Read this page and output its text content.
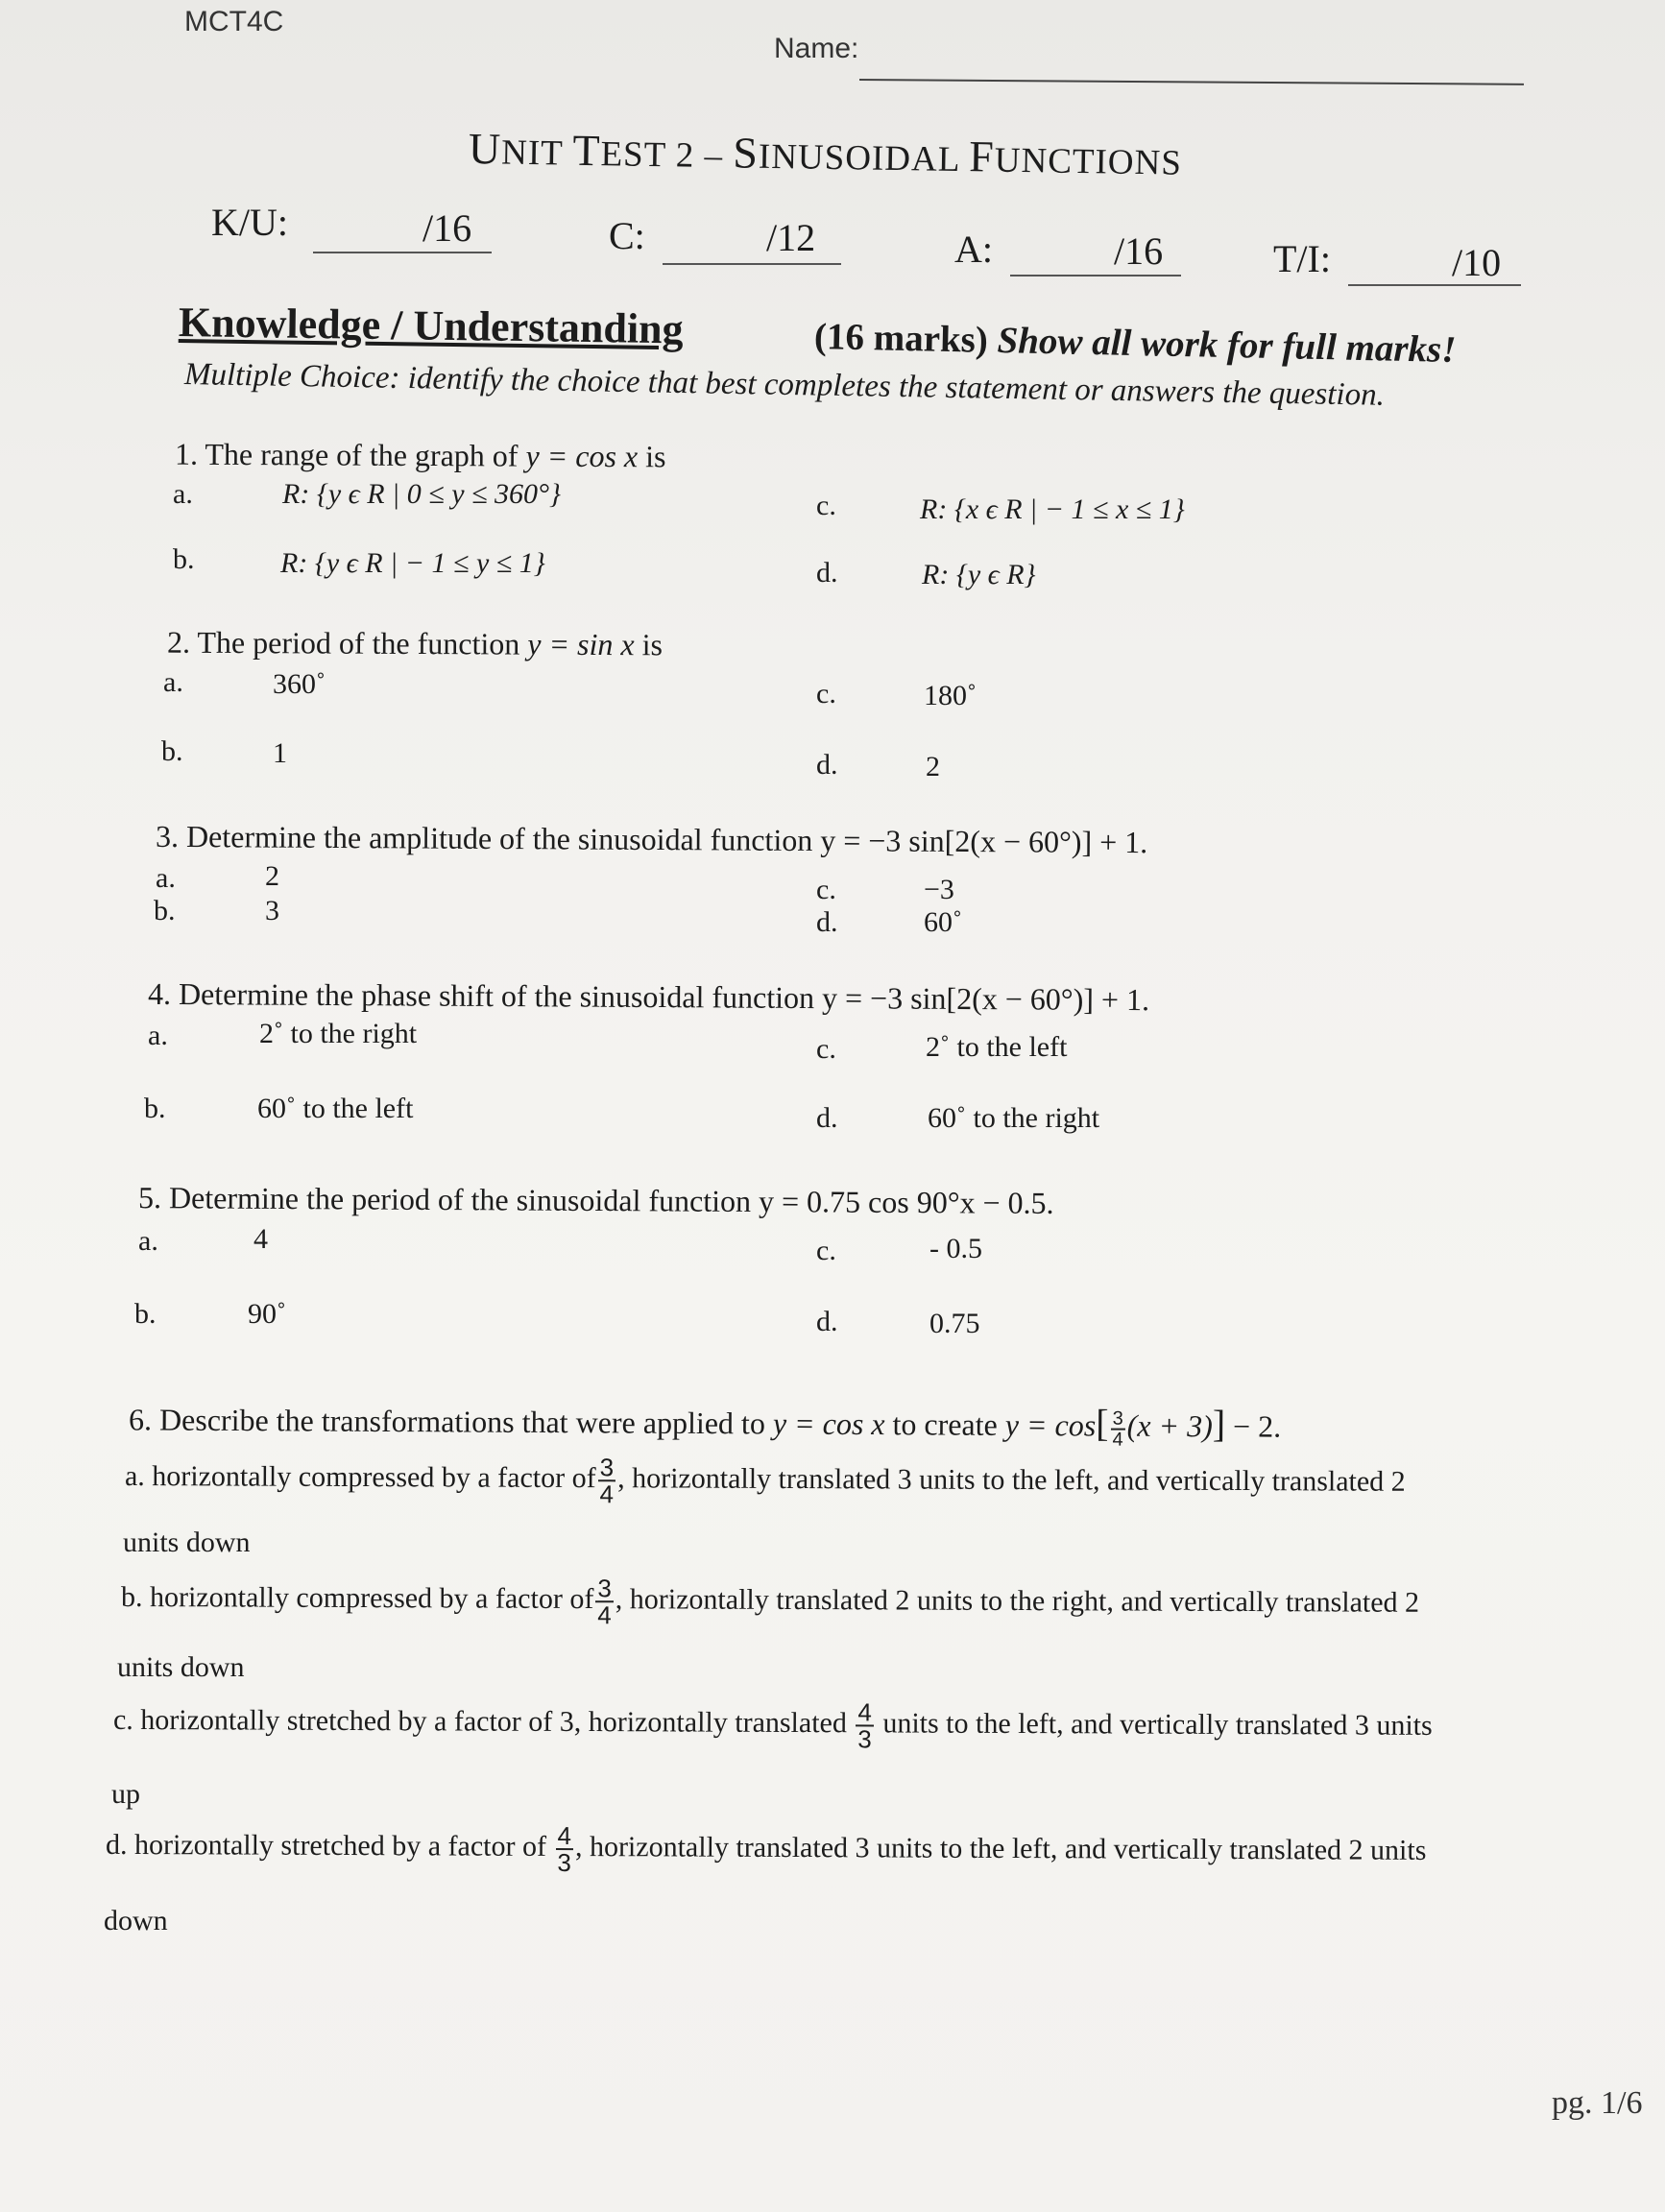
MCT4C
Name:
UNIT TEST 2 – SINUSOIDAL FUNCTIONS
K/U:	/16	C:	/12	A:	/16	T/I:	/10
Knowledge / Understanding	(16 marks) Show all work for full marks!
Multiple Choice: identify the choice that best completes the statement or answers the question.
1. The range of the graph of y = cos x is
a.	R: {y ϵ R | 0 ≤ y ≤ 360°}
b.	R: {y ϵ R | − 1 ≤ y ≤ 1}
c.	R: {x ϵ R | − 1 ≤ x ≤ 1}
d.	R: {y ϵ R}
2. The period of the function y = sin x is
a.	360˚
b.	1
c.	180˚
d.	2
3. Determine the amplitude of the sinusoidal function y = −3 sin[2(x − 60°)] + 1.
a.	2
b.	3
c.	−3
d.	60˚
4. Determine the phase shift of the sinusoidal function y = −3 sin[2(x − 60°)] + 1.
a.	2˚ to the right
b.	60˚ to the left
c.	2˚ to the left
d.	60˚ to the right
5. Determine the period of the sinusoidal function y = 0.75 cos 90°x − 0.5.
a.	4
b.	90˚
c.	- 0.5
d.	0.75
6. Describe the transformations that were applied to y = cos x to create $y = \cos[ \frac{3}{4} (x + 3)] - 2$.
a. horizontally compressed by a factor of $\frac{3}{4}$ , horizontally translated 3 units to the left, and vertically translated 2
units down
b. horizontally compressed by a factor of $\frac{3}{4}$ , horizontally translated 2 units to the right, and vertically translated 2
units down
c. horizontally stretched by a factor of 3, horizontally translated $\frac{4}{3}$ units to the left, and vertically translated 3 units
up
d. horizontally stretched by a factor of $\frac{4}{3}$ , horizontally translated 3 units to the left, and vertically translated 2 units
down
pg. 1/6
